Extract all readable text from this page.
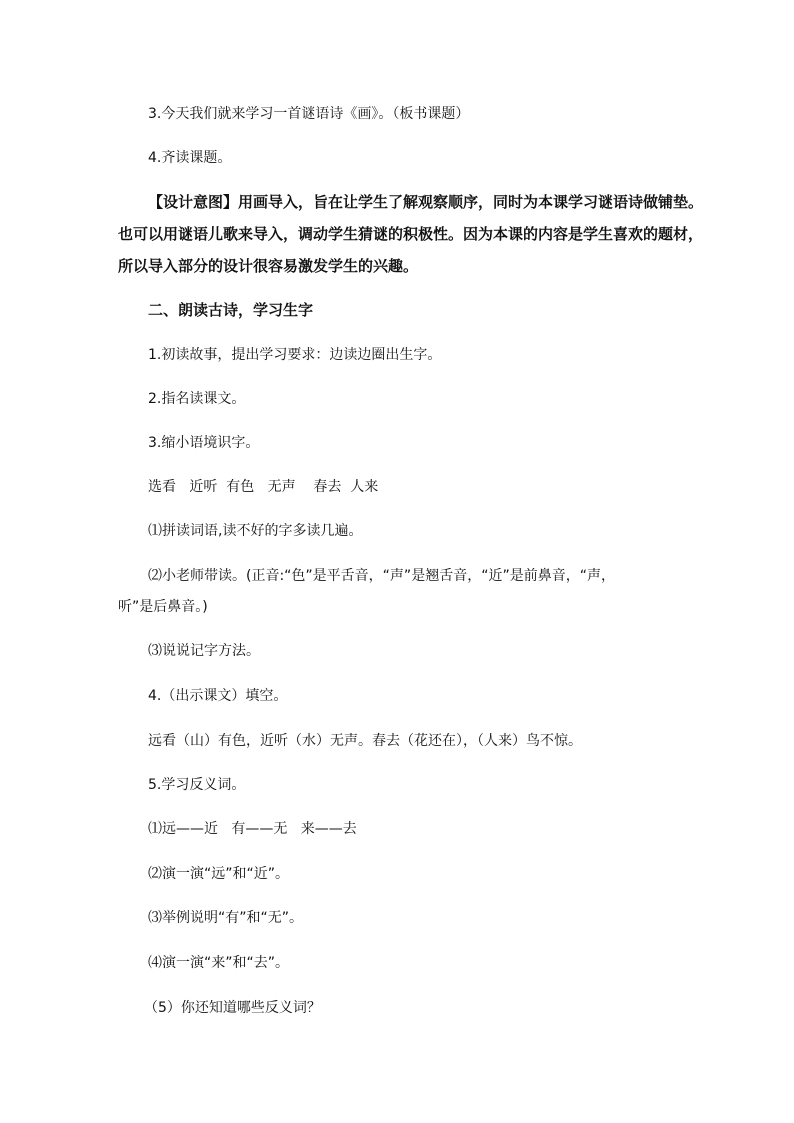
3.今天我们就来学习一首谜语诗《画》。（板书课题）

4.齐读课题。

【设计意图】用画导入，旨在让学生了解观察顺序，同时为本课学习谜语诗做铺垫。

也可以用谜语儿歌来导入，调动学生猜谜的积极性。因为本课的内容是学生喜欢的题材，

所以导入部分的设计很容易激发学生的兴趣。

二、朗读古诗，学习生字

1.初读故事，提出学习要求：边读边圈出生字。

2.指名读课文。

3.缩小语境识字。

选看   近听  有色   无声    春去  人来

⑴拼读词语,读不好的字多读几遍。

⑵小老师带读。(正音:“色”是平舌音，“声”是翘舌音，“近”是前鼻音，“声，

听”是后鼻音。)

⑶说说记字方法。

4.（出示课文）填空。

远看（山）有色，近听（水）无声。春去（花还在），（人来）鸟不惊。

5.学习反义词。

⑴远——近   有——无   来——去

⑵演一演“远”和“近”。

⑶举例说明“有”和“无”。

⑷演一演“来”和“去”。

（5）你还知道哪些反义词？
